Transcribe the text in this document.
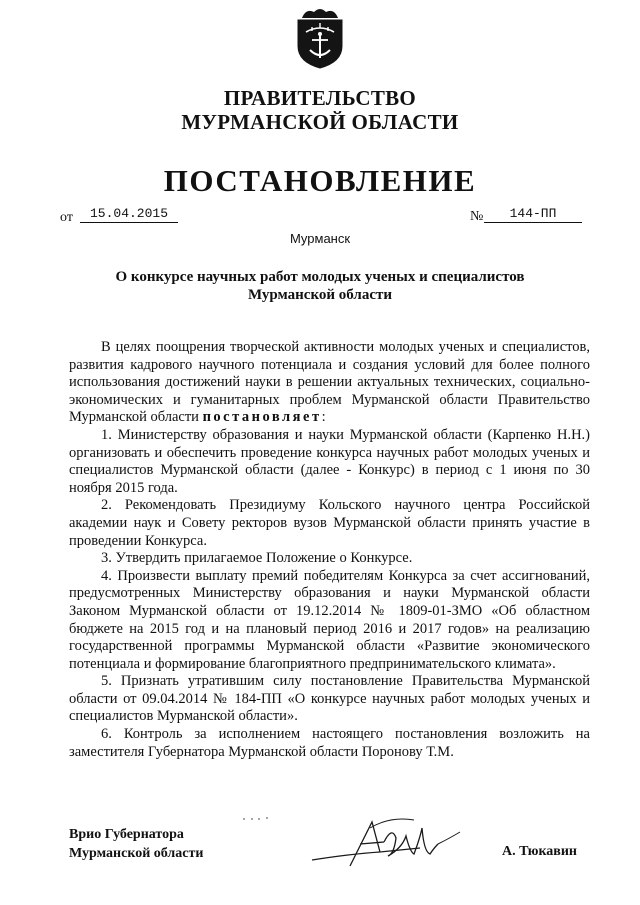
ПРАВИТЕЛЬСТВО
МУРМАНСКОЙ ОБЛАСТИ
ПОСТАНОВЛЕНИЕ
от	15.04.2015	№	144-ПП
Мурманск
О конкурсе научных работ молодых ученых и специалистов
Мурманской области

В целях поощрения творческой активности молодых ученых и специалистов, развития кадрового научного потенциала и создания условий для более полного использования достижений науки в решении актуальных технических, социально-экономических и гуманитарных проблем Мурманской области Правительство Мурманской области постановляет:

1. Министерству образования и науки Мурманской области (Карпенко Н.Н.) организовать и обеспечить проведение конкурса научных работ молодых ученых и специалистов Мурманской области (далее - Конкурс) в период с 1 июня по 30 ноября 2015 года.

2. Рекомендовать Президиуму Кольского научного центра Российской академии наук и Совету ректоров вузов Мурманской области принять участие в проведении Конкурса.

3. Утвердить прилагаемое Положение о Конкурсе.

4. Произвести выплату премий победителям Конкурса за счет ассигнований, предусмотренных Министерству образования и науки Мурманской области Законом Мурманской области от 19.12.2014 № 1809-01-ЗМО «Об областном бюджете на 2015 год и на плановый период 2016 и 2017 годов» на реализацию государственной программы Мурманской области «Развитие экономического потенциала и формирование благоприятного предпринимательского климата».

5. Признать утратившим силу постановление Правительства Мурманской области от 09.04.2014 № 184-ПП «О конкурсе научных работ молодых ученых и специалистов Мурманской области».

6. Контроль за исполнением настоящего постановления возложить на заместителя Губернатора Мурманской области Поронову Т.М.

Врио Губернатора
Мурманской области	А. Тюкавин
